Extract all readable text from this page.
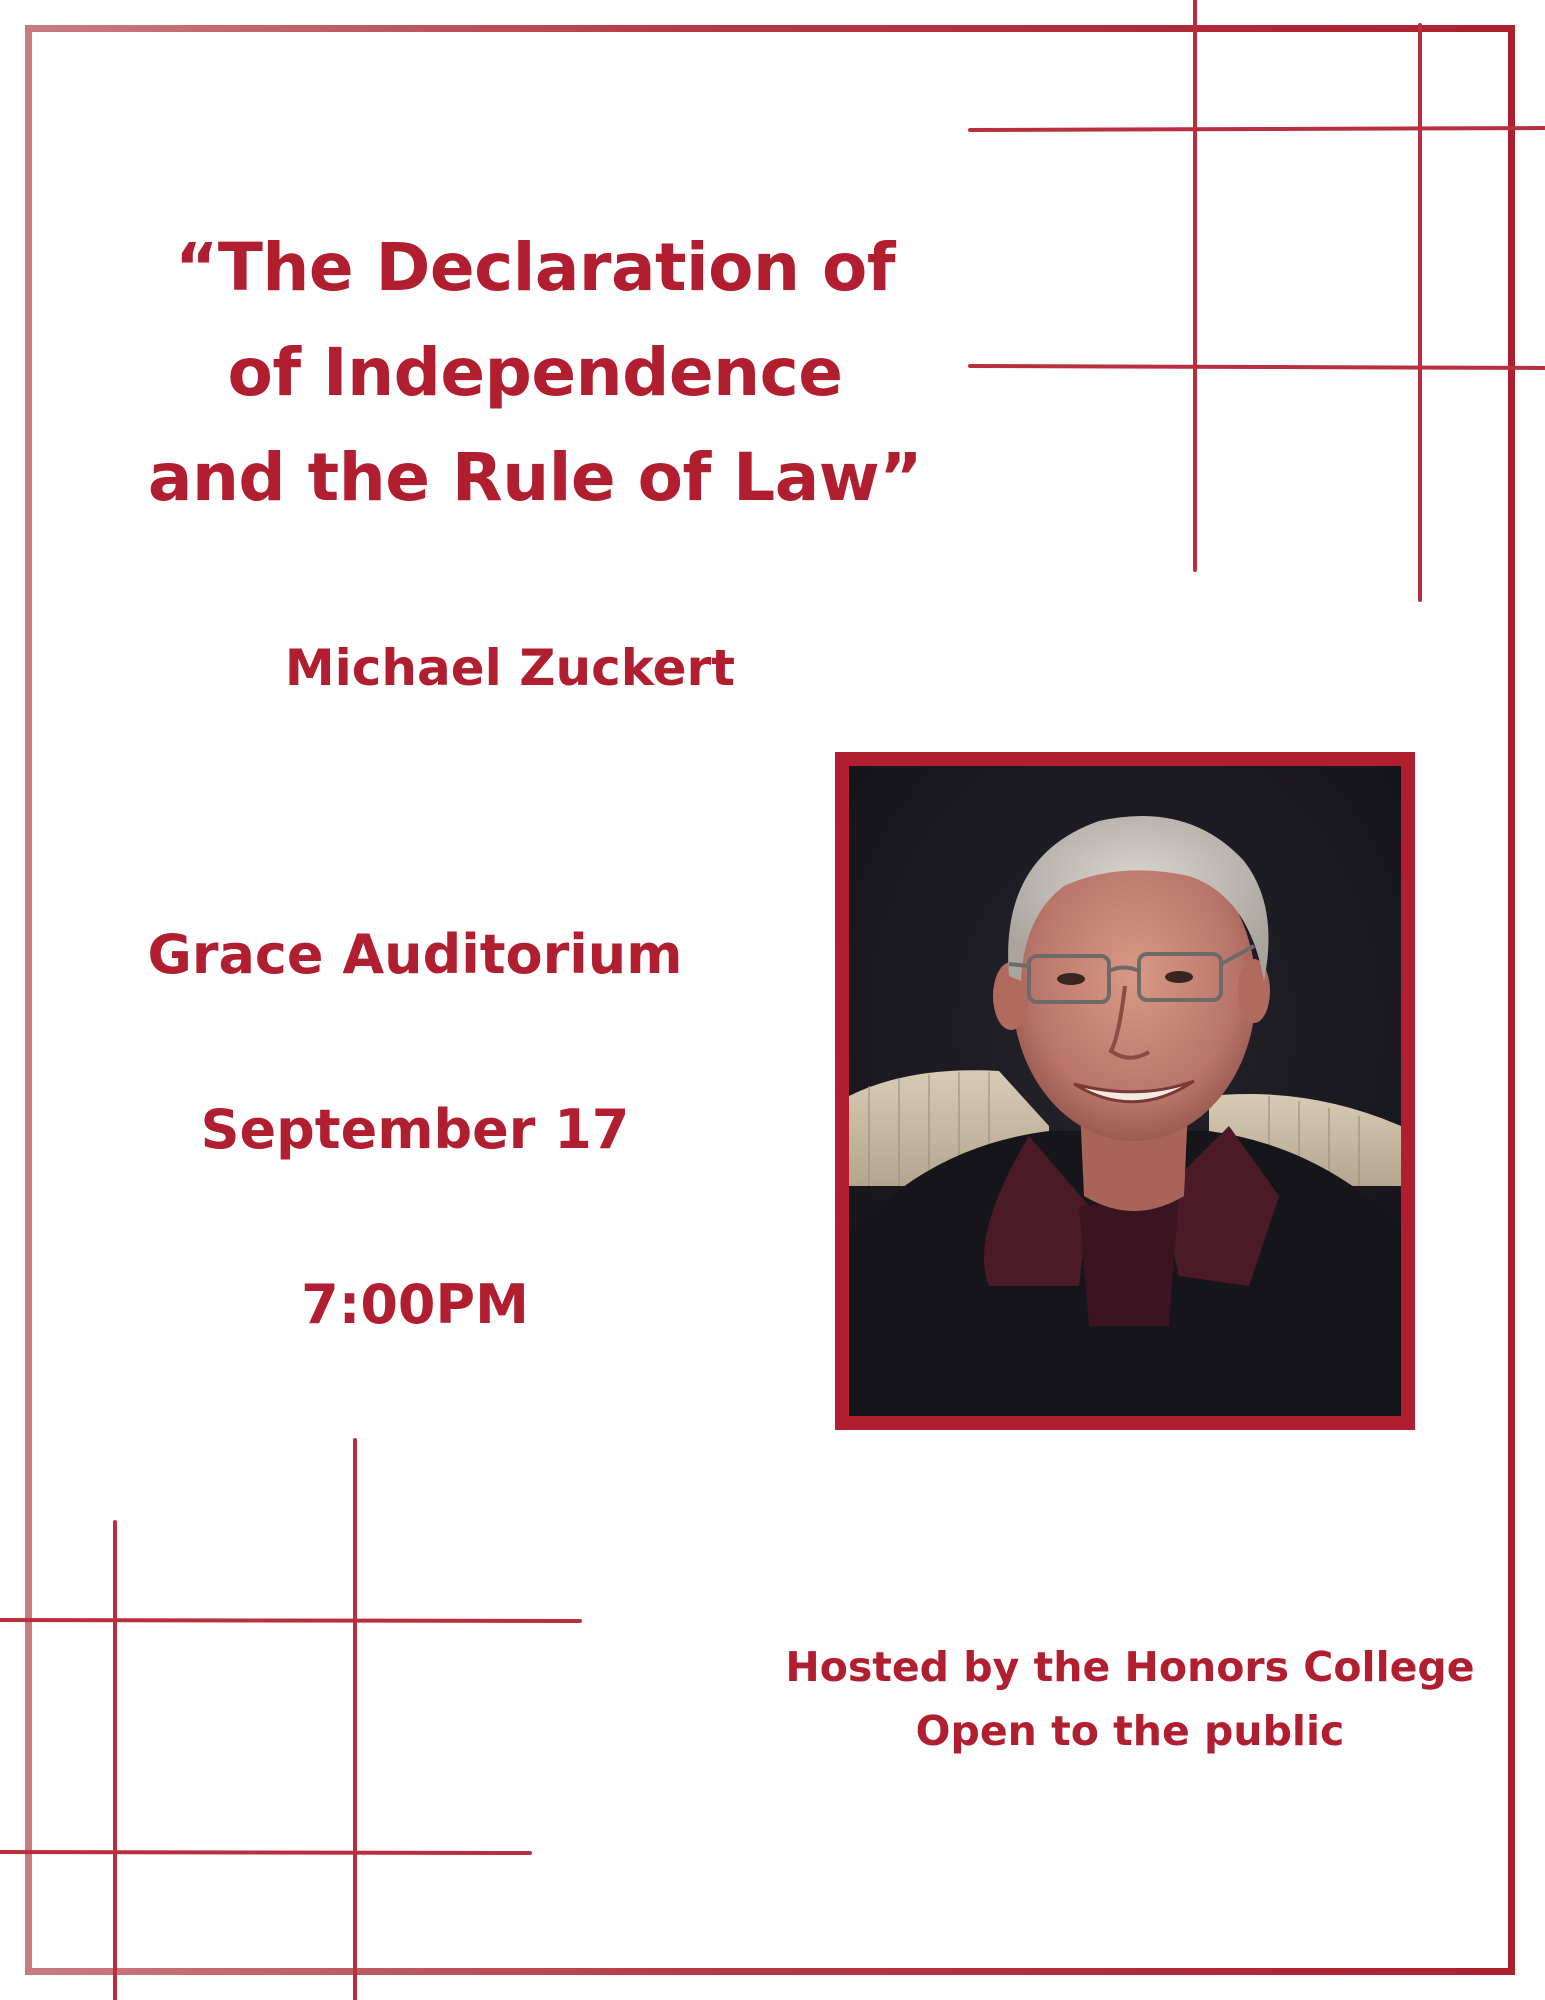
“The Declaration of
of Independence
and the Rule of Law”
Michael Zuckert
Grace Auditorium
September 17
7:00PM
Hosted by the Honors College
Open to the public
